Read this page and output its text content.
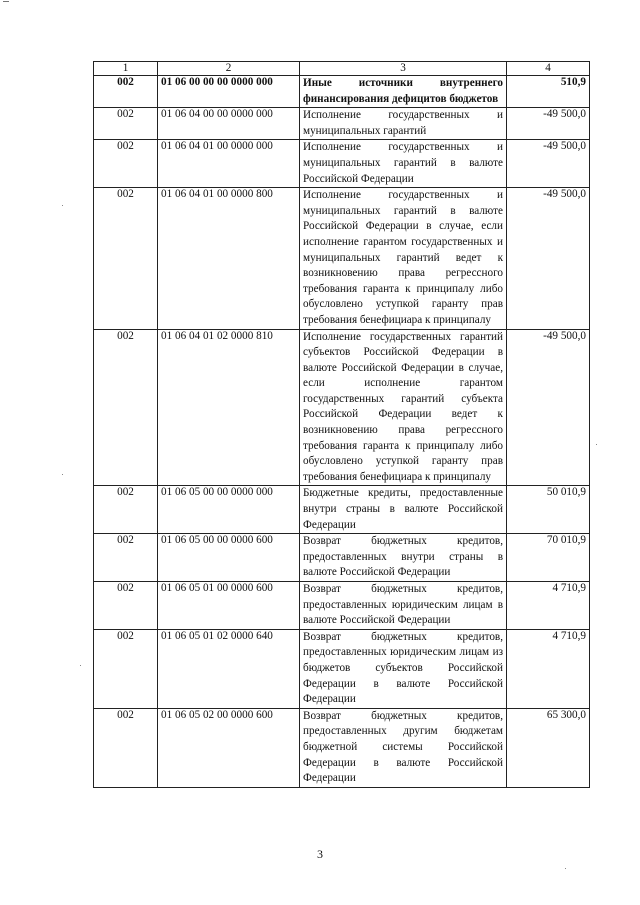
1	2	3	4
002	01 06 00 00 00 0000 000	Иные источники внутреннего финансирования дефицитов бюджетов	510,9
002	01 06 04 00 00 0000 000	Исполнение государственных и муниципальных гарантий	-49 500,0
002	01 06 04 01 00 0000 000	Исполнение государственных и муниципальных гарантий в валюте Российской Федерации	-49 500,0
002	01 06 04 01 00 0000 800	Исполнение государственных и муниципальных гарантий в валюте Российской Федерации в случае, если исполнение гарантом государственных и муниципальных гарантий ведет к возникновению права регрессного требования гаранта к принципалу либо обусловлено уступкой гаранту прав требования бенефициара к принципалу	-49 500,0
002	01 06 04 01 02 0000 810	Исполнение государственных гарантий субъектов Российской Федерации в валюте Российской Федерации в случае, если исполнение гарантом государственных гарантий субъекта Российской Федерации ведет к возникновению права регрессного требования гаранта к принципалу либо обусловлено уступкой гаранту прав требования бенефициара к принципалу	-49 500,0
002	01 06 05 00 00 0000 000	Бюджетные кредиты, предоставленные внутри страны в валюте Российской Федерации	50 010,9
002	01 06 05 00 00 0000 600	Возврат бюджетных кредитов, предоставленных внутри страны в валюте Российской Федерации	70 010,9
002	01 06 05 01 00 0000 600	Возврат бюджетных кредитов, предоставленных юридическим лицам в валюте Российской Федерации	4 710,9
002	01 06 05 01 02 0000 640	Возврат бюджетных кредитов, предоставленных юридическим лицам из бюджетов субъектов Российской Федерации в валюте Российской Федерации	4 710,9
002	01 06 05 02 00 0000 600	Возврат бюджетных кредитов, предоставленных другим бюджетам бюджетной системы Российской Федерации в валюте Российской Федерации	65 300,0
3
